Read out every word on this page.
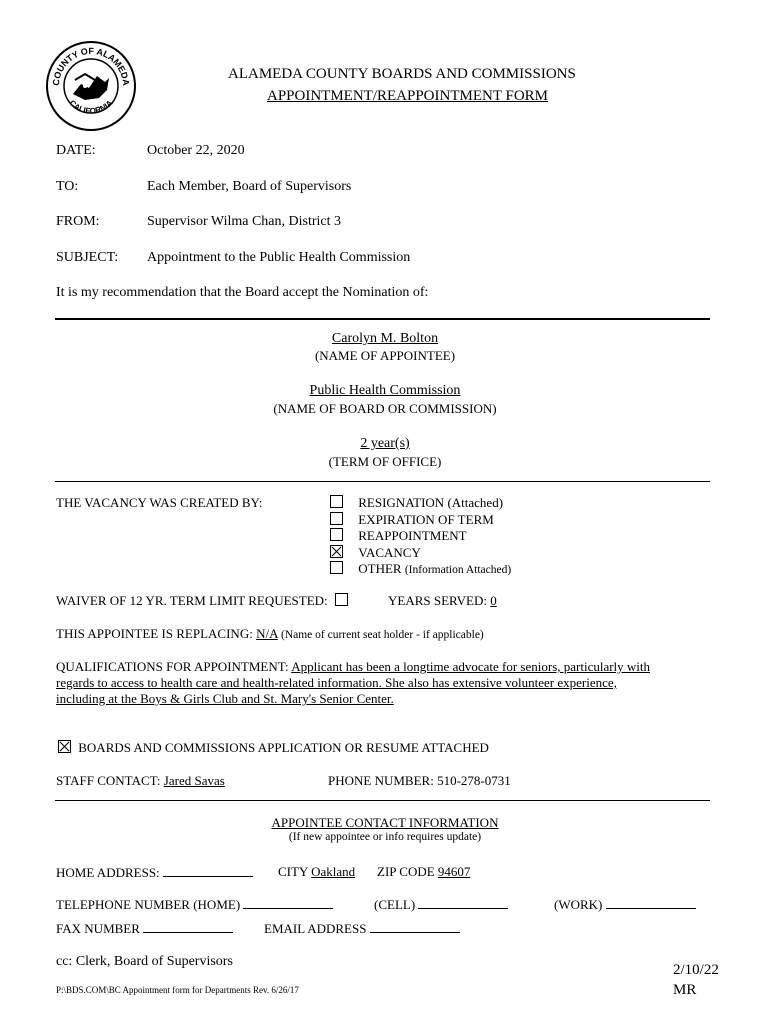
COUNTY OF ALAMEDA
CALIFORNIA
ALAMEDA COUNTY BOARDS AND COMMISSIONS
APPOINTMENT/REAPPOINTMENT FORM
DATE:	October 22, 2020
TO:	Each Member, Board of Supervisors
FROM:	Supervisor Wilma Chan, District 3
SUBJECT: Appointment to the Public Health Commission
It is my recommendation that the Board accept the Nomination of:
Carolyn M. Bolton
(NAME OF APPOINTEE)
Public Health Commission
(NAME OF BOARD OR COMMISSION)
2 year(s)
(TERM OF OFFICE)
THE VACANCY WAS CREATED BY:	RESIGNATION (Attached)
EXPIRATION OF TERM
REAPPOINTMENT
VACANCY
OTHER (Information Attached)
WAIVER OF 12 YR. TERM LIMIT REQUESTED:	YEARS SERVED: 0
THIS APPOINTEE IS REPLACING: N/A (Name of current seat holder - if applicable)
QUALIFICATIONS FOR APPOINTMENT: Applicant has been a longtime advocate for seniors, particularly with
regards to access to health care and health-related information. She also has extensive volunteer experience,
including at the Boys & Girls Club and St. Mary's Senior Center.
BOARDS AND COMMISSIONS APPLICATION OR RESUME ATTACHED
STAFF CONTACT: Jared Savas	PHONE NUMBER: 510-278-0731
APPOINTEE CONTACT INFORMATION
(If new appointee or info requires update)
HOME ADDRESS:	CITY Oakland ZIP CODE 94607
TELEPHONE NUMBER (HOME)	(CELL)	(WORK)
FAX NUMBER	EMAIL ADDRESS
cc: Clerk, Board of Supervisors
P:\BDS.COM\BC Appointment form for Departments Rev. 6/26/17
2/10/22
MR
